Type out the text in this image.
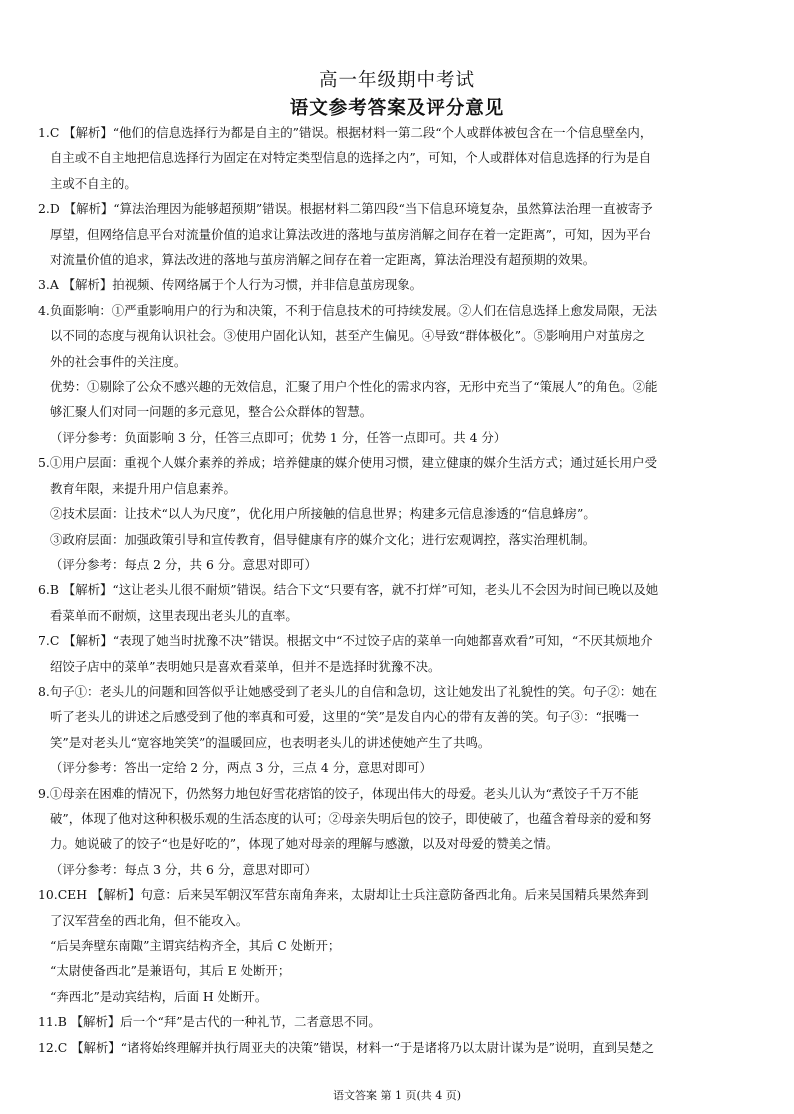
高一年级期中考试
语文参考答案及评分意见
1.C 【解析】“他们的信息选择行为都是自主的”错误。根据材料一第二段“个人或群体被包含在一个信息壁垒内，
自主或不自主地把信息选择行为固定在对特定类型信息的选择之内”，可知，个人或群体对信息选择的行为是自
主或不自主的。
2.D 【解析】“算法治理因为能够超预期”错误。根据材料二第四段“当下信息环境复杂，虽然算法治理一直被寄予
厚望，但网络信息平台对流量价值的追求让算法改进的落地与茧房消解之间存在着一定距离”，可知，因为平台
对流量价值的追求，算法改进的落地与茧房消解之间存在着一定距离，算法治理没有超预期的效果。
3.A 【解析】拍视频、传网络属于个人行为习惯，并非信息茧房现象。
4.负面影响：①严重影响用户的行为和决策，不利于信息技术的可持续发展。②人们在信息选择上愈发局限，无法
以不同的态度与视角认识社会。③使用户固化认知，甚至产生偏见。④导致“群体极化”。⑤影响用户对茧房之
外的社会事件的关注度。
优势：①剔除了公众不感兴趣的无效信息，汇聚了用户个性化的需求内容，无形中充当了“策展人”的角色。②能
够汇聚人们对同一问题的多元意见，整合公众群体的智慧。
（评分参考：负面影响 3 分，任答三点即可；优势 1 分，任答一点即可。共 4 分）
5.①用户层面：重视个人媒介素养的养成；培养健康的媒介使用习惯，建立健康的媒介生活方式；通过延长用户受
教育年限，来提升用户信息素养。
②技术层面：让技术“以人为尺度”，优化用户所接触的信息世界；构建多元信息渗透的“信息蜂房”。
③政府层面：加强政策引导和宣传教育，倡导健康有序的媒介文化；进行宏观调控，落实治理机制。
（评分参考：每点 2 分，共 6 分。意思对即可）
6.B 【解析】“这让老头儿很不耐烦”错误。结合下文“只要有客，就不打烊”可知，老头儿不会因为时间已晚以及她
看菜单而不耐烦，这里表现出老头儿的直率。
7.C 【解析】“表现了她当时扰豫不决”错误。根据文中“不过饺子店的菜单一向她都喜欢看”可知，“不厌其烦地介
绍饺子店中的菜单”表明她只是喜欢看菜单，但并不是选择时犹豫不决。
8.句子①：老头儿的问题和回答似乎让她感受到了老头儿的自信和急切，这让她发出了礼貌性的笑。句子②：她在
听了老头儿的讲述之后感受到了他的率真和可爱，这里的“笑”是发自内心的带有友善的笑。句子③：“抿嘴一
笑”是对老头儿“宽容地笑笑”的温暖回应，也表明老头儿的讲述使她产生了共鸣。
（评分参考：答出一定给 2 分，两点 3 分，三点 4 分，意思对即可）
9.①母亲在困难的情况下，仍然努力地包好雪花痞馅的饺子，体现出伟大的母爱。老头儿认为“煮饺子千万不能
破”，体现了他对这种积极乐观的生活态度的认可；②母亲失明后包的饺子，即使破了，也蕴含着母亲的爱和努
力。她说破了的饺子“也是好吃的”，体现了她对母亲的理解与感激，以及对母爱的赞美之情。
（评分参考：每点 3 分，共 6 分，意思对即可）
10.CEH 【解析】句意：后来吴军朝汉军营东南角奔来，太尉却让士兵注意防备西北角。后来吴国精兵果然奔到
了汉军营垒的西北角，但不能攻入。
“后吴奔壁东南陬”主谓宾结构齐全，其后 C 处断开；
“太尉使备西北”是兼语句，其后 E 处断开；
“奔西北”是动宾结构，后面 H 处断开。
11.B 【解析】后一个“拜”是古代的一种礼节，二者意思不同。
12.C 【解析】“诸将始终理解并执行周亚夫的决策”错误，材料一“于是诸将乃以太尉计谋为是”说明，直到吴楚之
语文答案 第 1 页(共 4 页)
